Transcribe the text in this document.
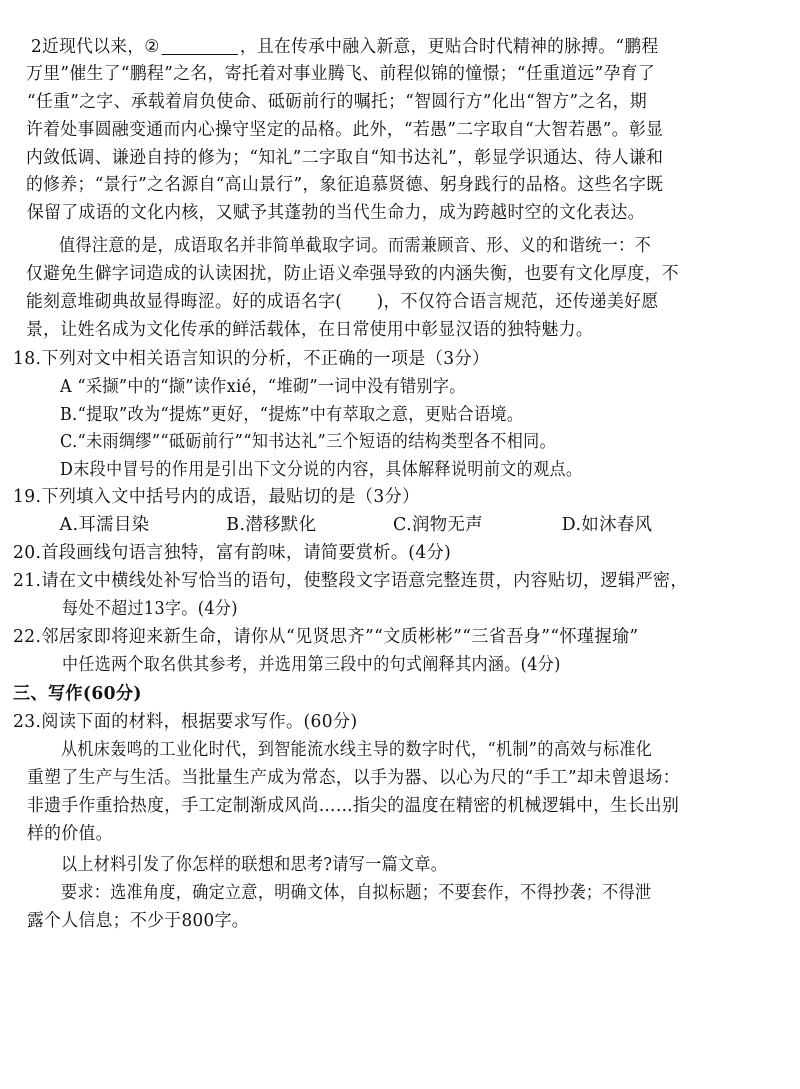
2近现代以来，②	，且在传承中融入新意，更贴合时代精神的脉搏。“鹏程
万里”催生了“鹏程”之名，寄托着对事业腾飞、前程似锦的憧憬；“任重道远”孕育了
“任重”之字、承载着肩负使命、砥砺前行的嘱托；“智圆行方”化出“智方”之名，期
许着处事圆融变通而内心操守坚定的品格。此外，“若愚”二字取自“大智若愚”。彰显
内敛低调、谦逊自持的修为；“知礼”二字取自“知书达礼”，彰显学识通达、待人谦和
的修养；“景行”之名源自“高山景行”，象征追慕贤德、躬身践行的品格。这些名字既
保留了成语的文化内核，又赋予其蓬勃的当代生命力，成为跨越时空的文化表达。
值得注意的是，成语取名并非简单截取字词。而需兼顾音、形、义的和谐统一：不
仅避免生僻字词造成的认读困扰，防止语义牵强导致的内涵失衡，也要有文化厚度，不
能刻意堆砌典故显得晦涩。好的成语名字(　　)，不仅符合语言规范，还传递美好愿
景，让姓名成为文化传承的鲜活载体，在日常使用中彰显汉语的独特魅力。
18.下列对文中相关语言知识的分析，不正确的一项是（3分）
A “采撷”中的“撷”读作xié，“堆砌”一词中没有错别字。
B.“提取”改为“提炼”更好，“提炼”中有萃取之意，更贴合语境。
C.“未雨绸缪”“砥砺前行”“知书达礼”三个短语的结构类型各不相同。
D末段中冒号的作用是引出下文分说的内容，具体解释说明前文的观点。
19.下列填入文中括号内的成语，最贴切的是（3分）
A.耳濡目染	B.潜移默化	C.润物无声	D.如沐春风
20.首段画线句语言独特，富有韵味，请简要赏析。(4分)
21.请在文中横线处补写恰当的语句，使整段文字语意完整连贯，内容贴切，逻辑严密，
每处不超过13字。(4分)
22.邻居家即将迎来新生命，请你从“见贤思齐”“文质彬彬”“三省吾身”“怀瑾握瑜”
中任选两个取名供其参考，并选用第三段中的句式阐释其内涵。(4分)
三、写作(60分)
23.阅读下面的材料，根据要求写作。(60分)
从机床轰鸣的工业化时代，到智能流水线主导的数字时代，“机制”的高效与标准化
重塑了生产与生活。当批量生产成为常态，以手为器、以心为尺的“手工”却未曾退场：
非遗手作重拾热度，手工定制渐成风尚……指尖的温度在精密的机械逻辑中，生长出别
样的价值。
以上材料引发了你怎样的联想和思考?请写一篇文章。
要求：选准角度，确定立意，明确文体，自拟标题；不要套作，不得抄袭；不得泄
露个人信息；不少于800字。
